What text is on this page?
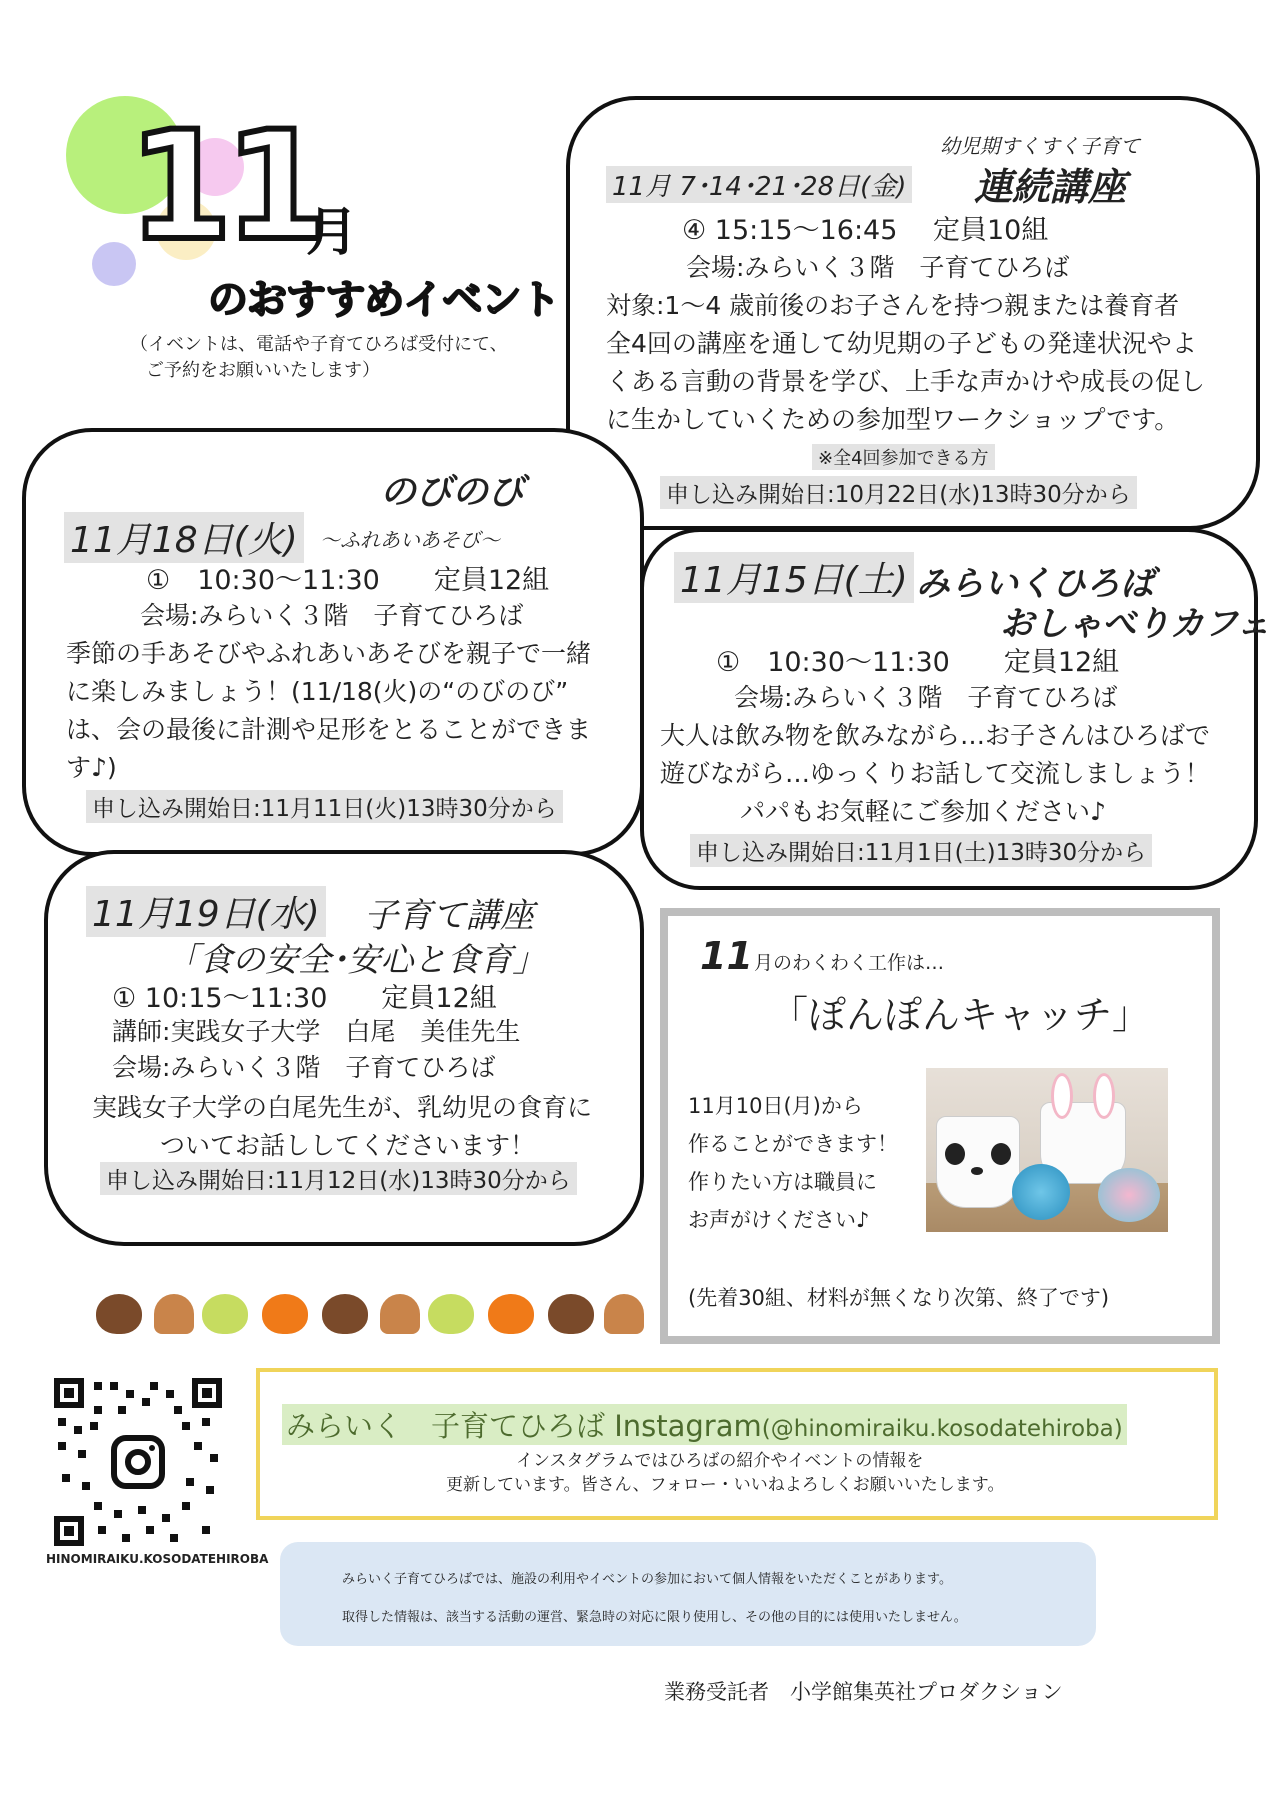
11
月
のおすすめイベント
（イベントは、電話や子育てひろば受付にて、
ご予約をお願いいたします）
幼児期すくすく子育て
11月 7･14･21･28日(金) 連続講座
④ 15:15～16:45　 定員10組
会場:みらいく３階　子育てひろば
対象:1～4 歳前後のお子さんを持つ親または養育者
全4回の講座を通して幼児期の子どもの発達状況やよ
くある言動の背景を学び、上手な声かけや成長の促し
に生かしていくための参加型ワークショップです。
※全4回参加できる方
申し込み開始日:10月22日(水)13時30分から
のびのび
11月18日(火)	～ふれあいあそび～
①　10:30～11:30　　定員12組
会場:みらいく３階　子育てひろば
季節の手あそびやふれあいあそびを親子で一緒
に楽しみましょう！(11/18(火)の“のびのび”
は、会の最後に計測や足形をとることができま
す♪)
申し込み開始日:11月11日(火)13時30分から
11月15日(土) みらいくひろば
おしゃべりカフェ
①　10:30～11:30　　定員12組
会場:みらいく３階　子育てひろば
大人は飲み物を飲みながら…お子さんはひろばで
遊びながら…ゆっくりお話して交流しましょう！
パパもお気軽にご参加ください♪
申し込み開始日:11月1日(土)13時30分から
11月19日(水) 子育て講座
「食の安全･安心と食育」
① 10:15～11:30　　定員12組
講師:実践女子大学　白尾　美佳先生
会場:みらいく３階　子育てひろば
実践女子大学の白尾先生が、乳幼児の食育に
ついてお話ししてくださいます！
申し込み開始日:11月12日(水)13時30分から
11 月のわくわく工作は…
「ぽんぽんキャッチ」
11月10日(月)から
作ることができます！
作りたい方は職員に
お声がけください♪
(先着30組、材料が無くなり次第、終了です)
HINOMIRAIKU.KOSODATEHIROBA
みらいく　子育てひろば Instagram(@hinomiraiku.kosodatehiroba)
インスタグラムではひろばの紹介やイベントの情報を
更新しています。皆さん、フォロー・いいねよろしくお願いいたします。
みらいく子育てひろばでは、施設の利用やイベントの参加において個人情報をいただくことがあります。
取得した情報は、該当する活動の運営、緊急時の対応に限り使用し、その他の目的には使用いたしません。
業務受託者　小学館集英社プロダクション
